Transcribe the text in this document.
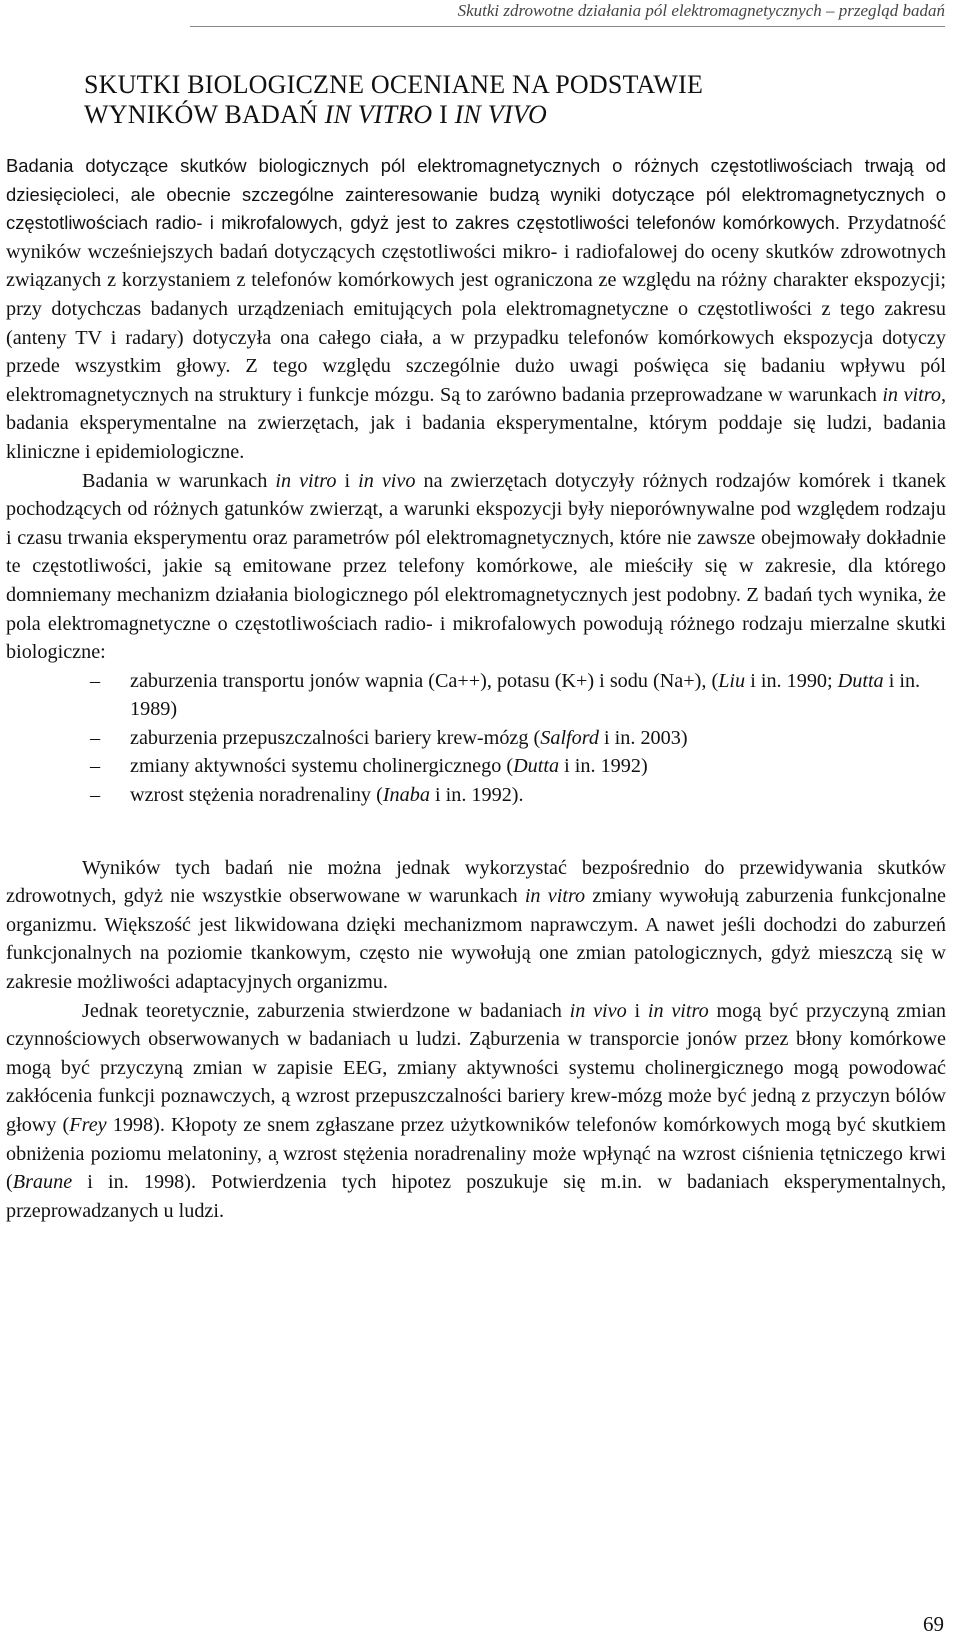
Skutki zdrowotne działania pól elektromagnetycznych – przegląd badań
SKUTKI BIOLOGICZNE OCENIANE NA PODSTAWIE
WYNIKÓW BADAŃ IN VITRO I IN VIVO

Badania dotyczące skutków biologicznych pól elektromagnetycznych o różnych częstotliwościach trwają od dziesięcioleci, ale obecnie szczególne zainteresowanie budzą wyniki dotyczące pól elektromagnetycznych o częstotliwościach radio- i mikrofalowych, gdyż jest to zakres częstotliwości telefonów komórkowych. Przydatność wyników wcześniejszych badań dotyczących częstotliwości mikro- i radiofalowej do oceny skutków zdrowotnych związanych z korzystaniem z telefonów komórkowych jest ograniczona ze względu na różny charakter ekspozycji; przy dotychczas badanych urządzeniach emitujących pola elektromagnetyczne o częstotliwości z tego zakresu (anteny TV i radary) dotyczyła ona całego ciała, a w przypadku telefonów komórkowych ekspozycja dotyczy przede wszystkim głowy. Z tego względu szczególnie dużo uwagi poświęca się badaniu wpływu pól elektromagnetycznych na struktury i funkcje mózgu. Są to zarówno badania przeprowadzane w warunkach in vitro, badania eksperymentalne na zwierzętach, jak i badania eksperymentalne, którym poddaje się ludzi, badania kliniczne i epidemiologiczne.

Badania w warunkach in vitro i in vivo na zwierzętach dotyczyły różnych rodzajów komórek i tkanek pochodzących od różnych gatunków zwierząt, a warunki ekspozycji były nieporównywalne pod względem rodzaju i czasu trwania eksperymentu oraz parametrów pól elektromagnetycznych, które nie zawsze obejmowały dokładnie te częstotliwości, jakie są emitowane przez telefony komórkowe, ale mieściły się w zakresie, dla którego domniemany mechanizm działania biologicznego pól elektromagnetycznych jest podobny. Z badań tych wynika, że pola elektromagnetyczne o częstotliwościach radio- i mikrofalowych powodują różnego rodzaju mierzalne skutki biologiczne:

– zaburzenia transportu jonów wapnia (Ca++), potasu (K+) i sodu (Na+), (Liu i in. 1990; Dutta i in. 1989)
– zaburzenia przepuszczalności bariery krew-mózg (Salford i in. 2003)
– zmiany aktywności systemu cholinergicznego (Dutta i in. 1992)
– wzrost stężenia noradrenaliny (Inaba i in. 1992).

Wyników tych badań nie można jednak wykorzystać bezpośrednio do przewidywania skutków zdrowotnych, gdyż nie wszystkie obserwowane w warunkach in vitro zmiany wywołują zaburzenia funkcjonalne organizmu. Większość jest likwidowana dzięki mechanizmom naprawczym. A nawet jeśli dochodzi do zaburzeń funkcjonalnych na poziomie tkankowym, często nie wywołują one zmian patologicznych, gdyż mieszczą się w zakresie możliwości adaptacyjnych organizmu.

Jednak teoretycznie, zaburzenia stwierdzone w badaniach in vivo i in vitro mogą być przyczyną zmian czynnościowych obserwowanych w badaniach u ludzi. Ząburzenia w transporcie jonów przez błony komórkowe mogą być przyczyną zmian w zapisie EEG, zmiany aktywności systemu cholinergicznego mogą powodować zakłócenia funkcji poznawczych, ą wzrost przepuszczalności bariery krew-mózg może być jedną z przyczyn bólów głowy (Frey 1998). Kłopoty ze snem zgłaszane przez użytkowników telefonów komórkowych mogą być skutkiem obniżenia poziomu melatoniny, a̦ wzrost stężenia noradrenaliny może wpłynąć na wzrost ciśnienia tętniczego krwi (Braune i in. 1998). Potwierdzenia tych hipotez poszukuje się m.in. w badaniach eksperymentalnych, przeprowadzanych u ludzi.

69
